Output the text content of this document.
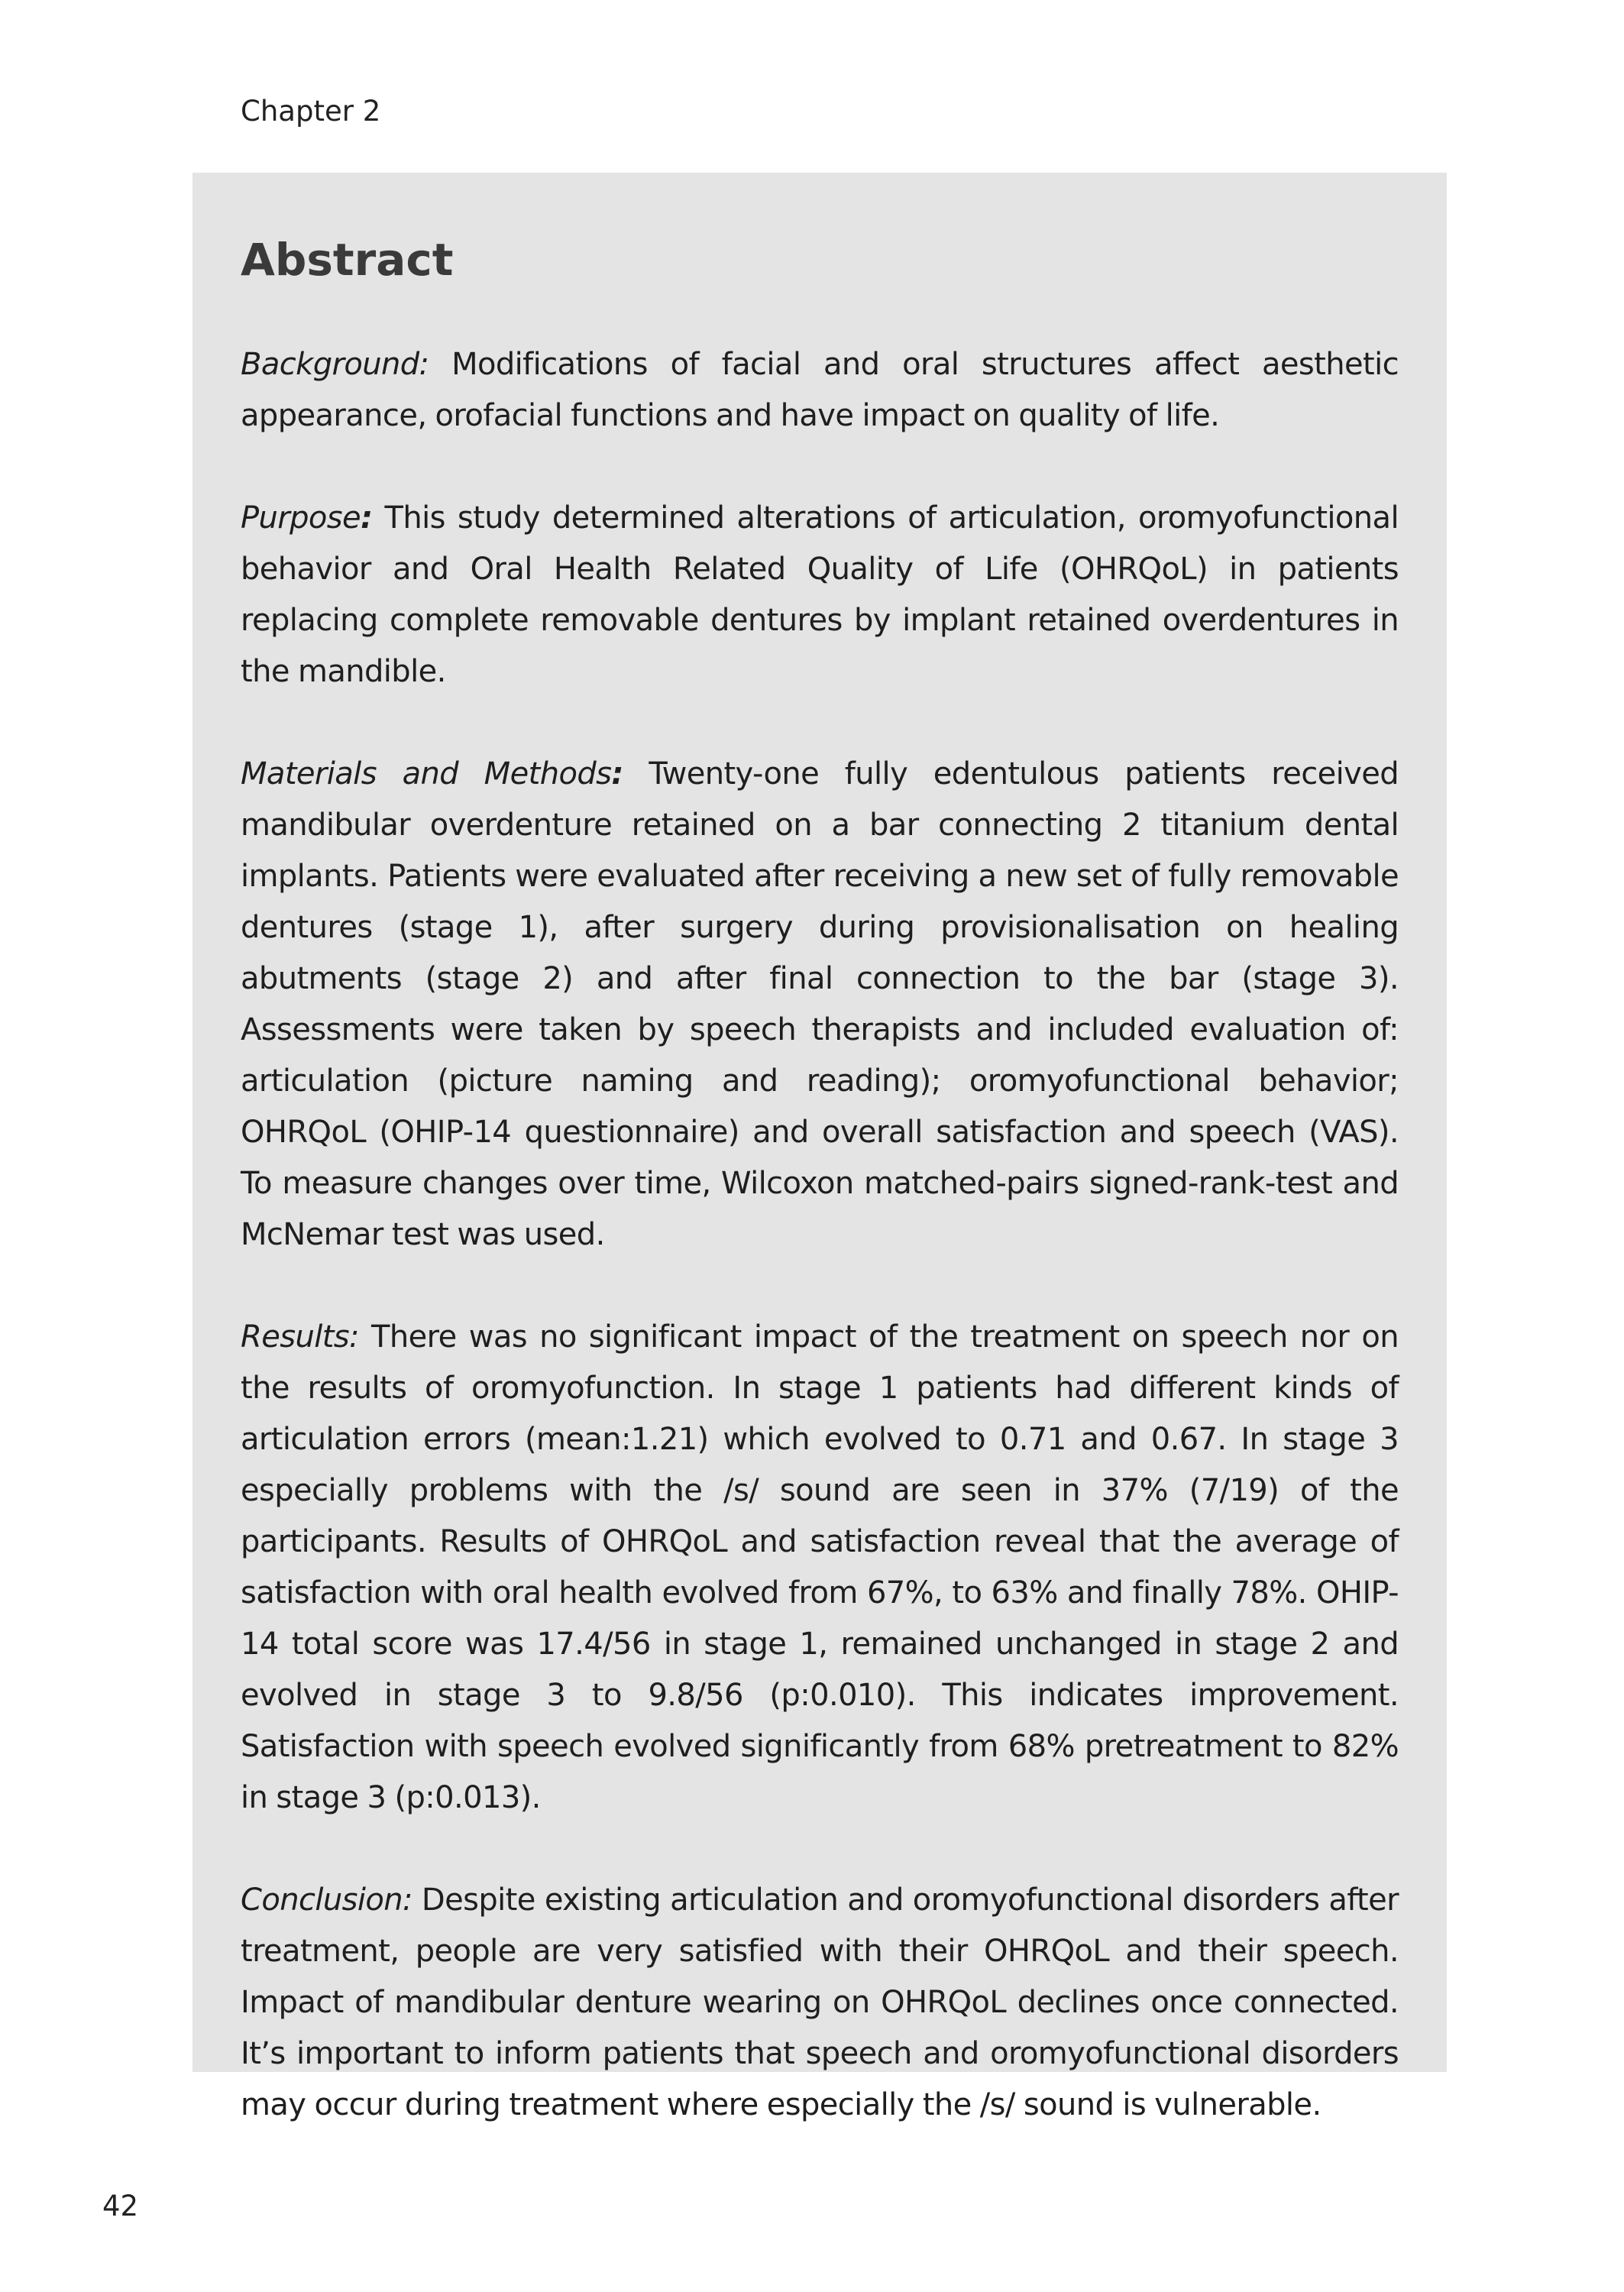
Chapter 2
Abstract

Background: Modifications of facial and oral structures affect aesthetic appearance, orofacial functions and have impact on quality of life.

Purpose: This study determined alterations of articulation, oromyofunctional behavior and Oral Health Related Quality of Life (OHRQoL) in patients replacing complete removable dentures by implant retained overdentures in the mandible.

Materials and Methods: Twenty-one fully edentulous patients received mandibular overdenture retained on a bar connecting 2 titanium dental implants. Patients were evaluated after receiving a new set of fully removable dentures (stage 1), after surgery during provisionalisation on healing abutments (stage 2) and after final connection to the bar (stage 3). Assessments were taken by speech therapists and included evaluation of: articulation (picture naming and reading); oromyofunctional behavior; OHRQoL (OHIP-14 questionnaire) and overall satisfaction and speech (VAS). To measure changes over time, Wilcoxon matched-pairs signed-rank-test and McNemar test was used.

Results: There was no significant impact of the treatment on speech nor on the results of oromyofunction. In stage 1 patients had different kinds of articulation errors (mean:1.21) which evolved to 0.71 and 0.67. In stage 3 especially problems with the /s/ sound are seen in 37% (7/19) of the participants. Results of OHRQoL and satisfaction reveal that the average of satisfaction with oral health evolved from 67%, to 63% and finally 78%. OHIP-14 total score was 17.4/56 in stage 1, remained unchanged in stage 2 and evolved in stage 3 to 9.8/56 (p:0.010). This indicates improvement. Satisfaction with speech evolved significantly from 68% pretreatment to 82% in stage 3 (p:0.013).

Conclusion: Despite existing articulation and oromyofunctional disorders after treatment, people are very satisfied with their OHRQoL and their speech. Impact of mandibular denture wearing on OHRQoL declines once connected. It’s important to inform patients that speech and oromyofunctional disorders may occur during treatment where especially the /s/ sound is vulnerable.

42
